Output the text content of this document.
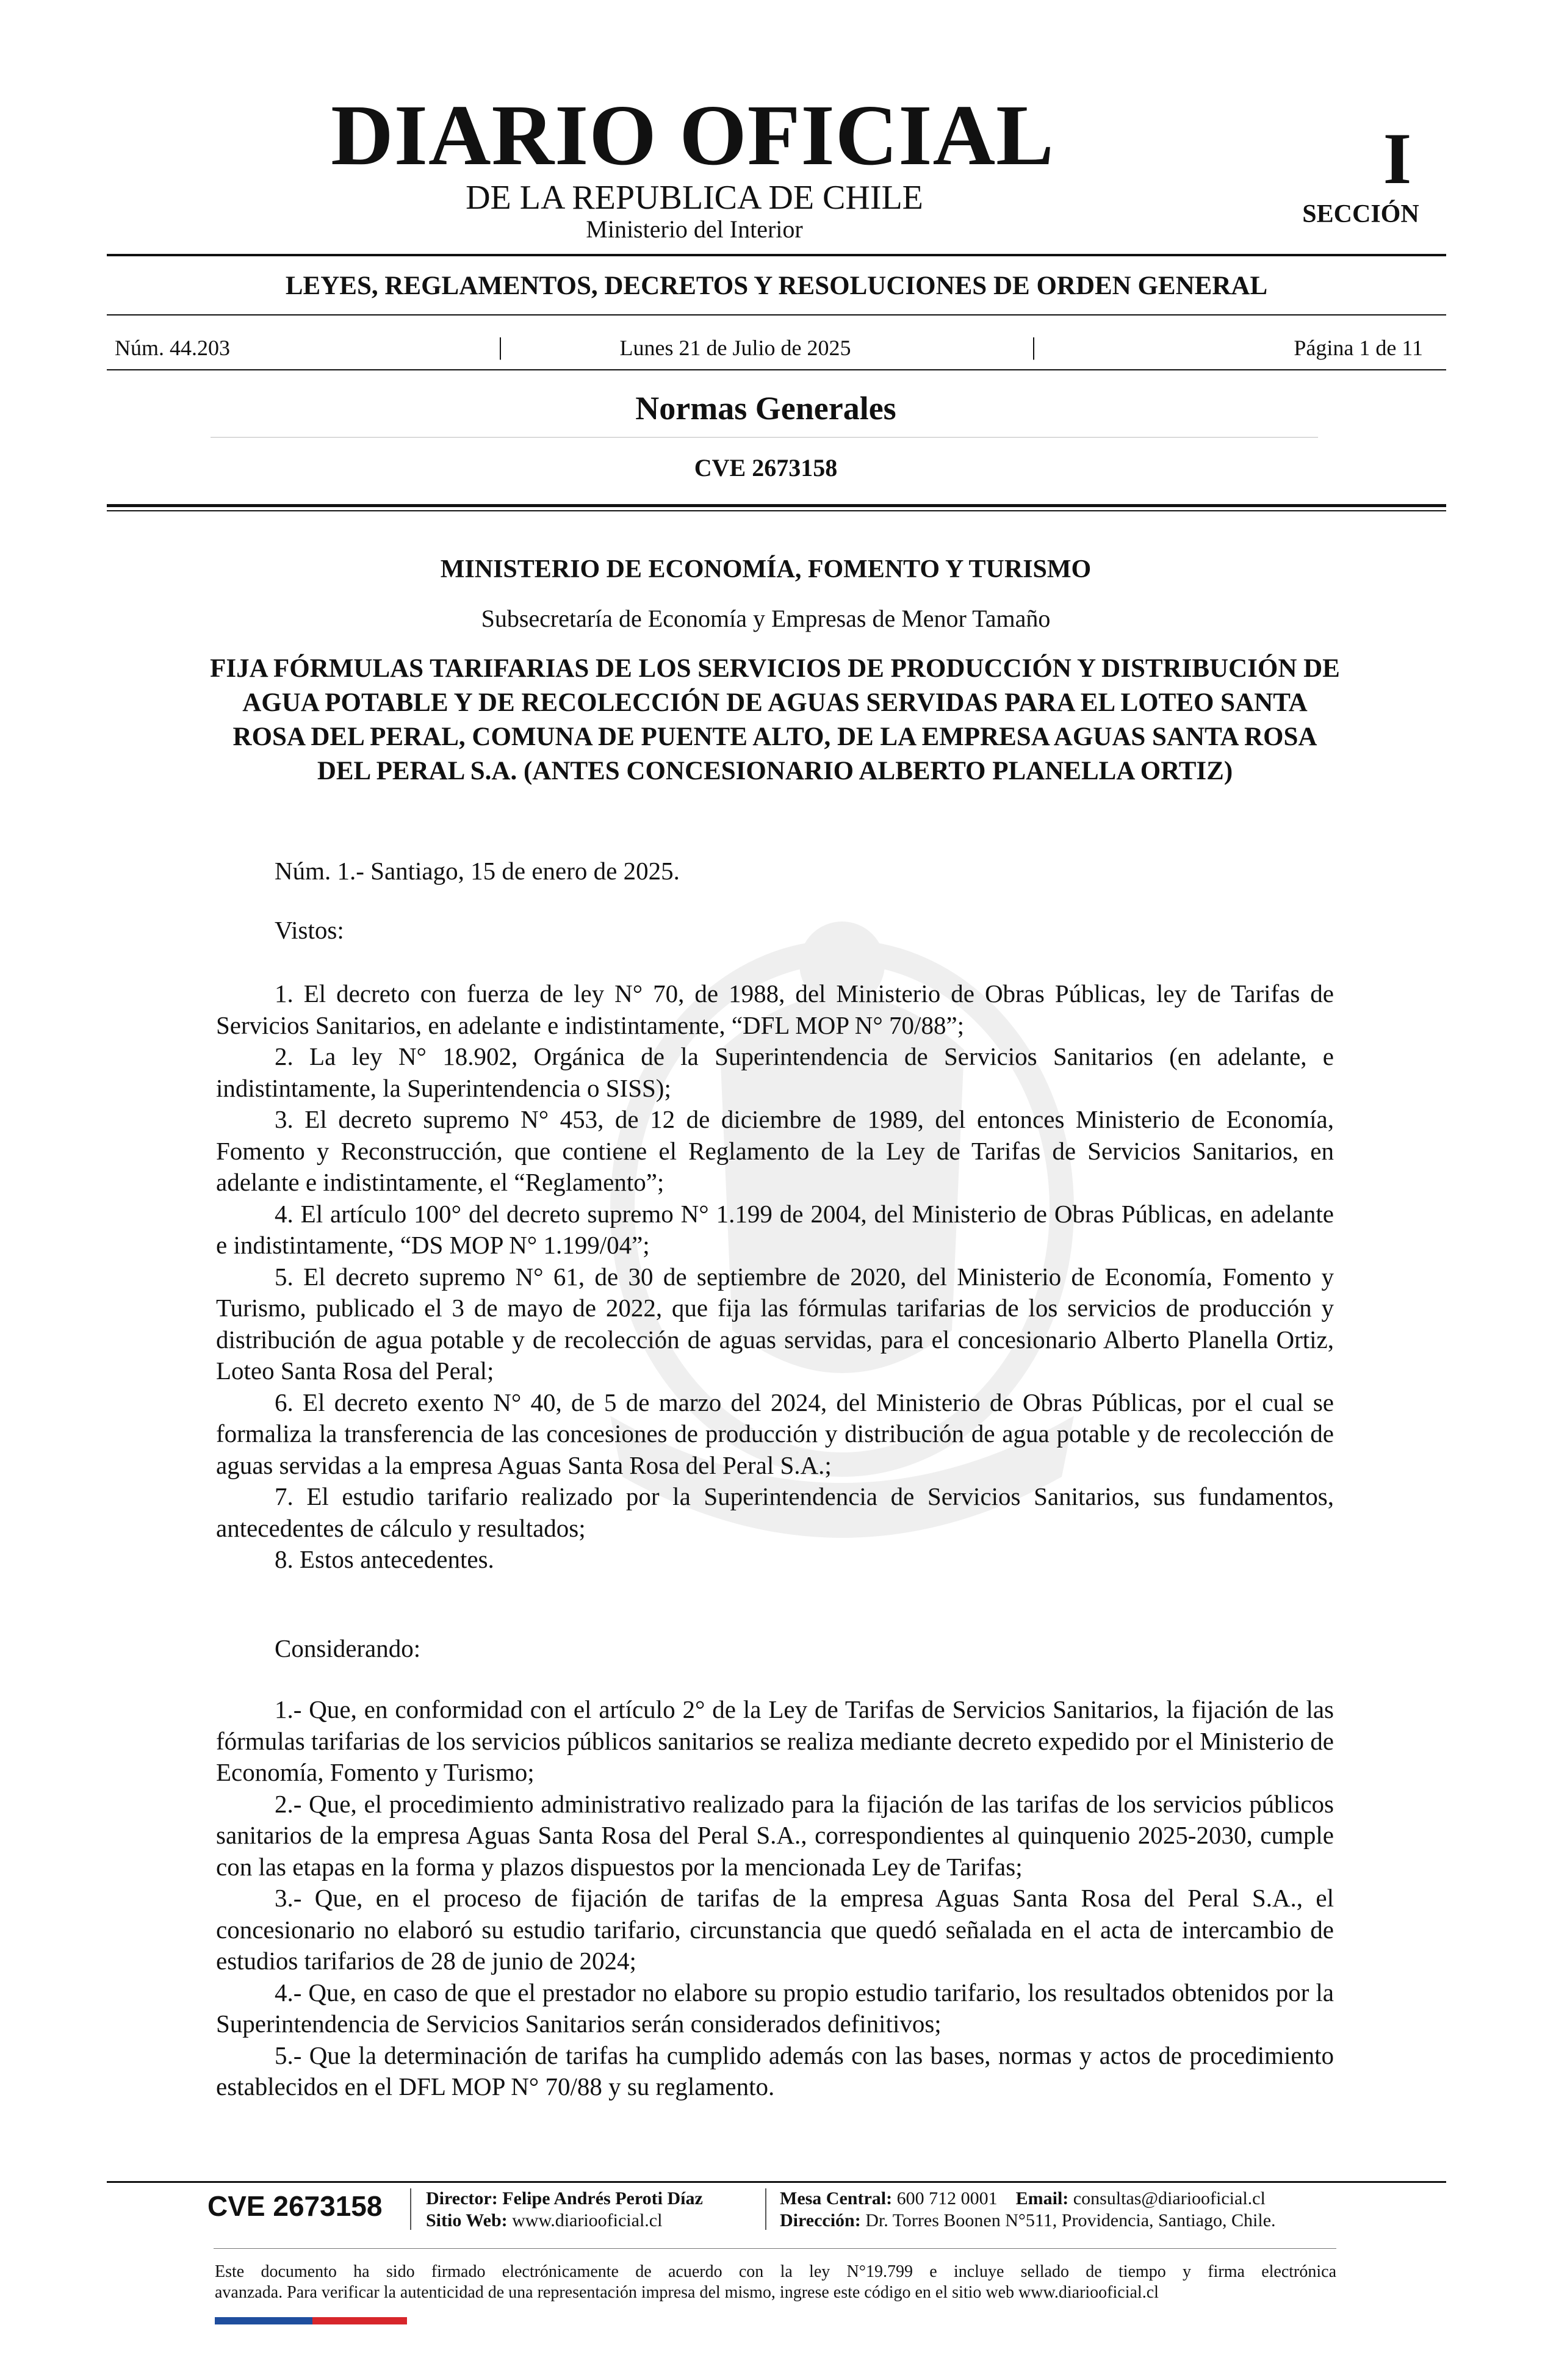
DIARIO OFICIAL
DE LA REPUBLICA DE CHILE
Ministerio del Interior
I
SECCIÓN
LEYES, REGLAMENTOS, DECRETOS Y RESOLUCIONES DE ORDEN GENERAL
Núm. 44.203	|	Lunes 21 de Julio de 2025	|	Página 1 de 11
Normas Generales
CVE 2673158
MINISTERIO DE ECONOMÍA, FOMENTO Y TURISMO
Subsecretaría de Economía y Empresas de Menor Tamaño
FIJA FÓRMULAS TARIFARIAS DE LOS SERVICIOS DE PRODUCCIÓN Y DISTRIBUCIÓN DE AGUA POTABLE Y DE RECOLECCIÓN DE AGUAS SERVIDAS PARA EL LOTEO SANTA ROSA DEL PERAL, COMUNA DE PUENTE ALTO, DE LA EMPRESA AGUAS SANTA ROSA DEL PERAL S.A. (ANTES CONCESIONARIO ALBERTO PLANELLA ORTIZ)
Núm. 1.- Santiago, 15 de enero de 2025.
Vistos:

1. El decreto con fuerza de ley N° 70, de 1988, del Ministerio de Obras Públicas, ley de Tarifas de Servicios Sanitarios, en adelante e indistintamente, “DFL MOP N° 70/88”;

2. La ley N° 18.902, Orgánica de la Superintendencia de Servicios Sanitarios (en adelante, e indistintamente, la Superintendencia o SISS);

3. El decreto supremo N° 453, de 12 de diciembre de 1989, del entonces Ministerio de Economía, Fomento y Reconstrucción, que contiene el Reglamento de la Ley de Tarifas de Servicios Sanitarios, en adelante e indistintamente, el “Reglamento”;

4. El artículo 100° del decreto supremo N° 1.199 de 2004, del Ministerio de Obras Públicas, en adelante e indistintamente, “DS MOP N° 1.199/04”;

5. El decreto supremo N° 61, de 30 de septiembre de 2020, del Ministerio de Economía, Fomento y Turismo, publicado el 3 de mayo de 2022, que fija las fórmulas tarifarias de los servicios de producción y distribución de agua potable y de recolección de aguas servidas, para el concesionario Alberto Planella Ortiz, Loteo Santa Rosa del Peral;

6. El decreto exento N° 40, de 5 de marzo del 2024, del Ministerio de Obras Públicas, por el cual se formaliza la transferencia de las concesiones de producción y distribución de agua potable y de recolección de aguas servidas a la empresa Aguas Santa Rosa del Peral S.A.;

7. El estudio tarifario realizado por la Superintendencia de Servicios Sanitarios, sus fundamentos, antecedentes de cálculo y resultados;

8. Estos antecedentes.

Considerando:

1.- Que, en conformidad con el artículo 2° de la Ley de Tarifas de Servicios Sanitarios, la fijación de las fórmulas tarifarias de los servicios públicos sanitarios se realiza mediante decreto expedido por el Ministerio de Economía, Fomento y Turismo;

2.- Que, el procedimiento administrativo realizado para la fijación de las tarifas de los servicios públicos sanitarios de la empresa Aguas Santa Rosa del Peral S.A., correspondientes al quinquenio 2025-2030, cumple con las etapas en la forma y plazos dispuestos por la mencionada Ley de Tarifas;

3.- Que, en el proceso de fijación de tarifas de la empresa Aguas Santa Rosa del Peral S.A., el concesionario no elaboró su estudio tarifario, circunstancia que quedó señalada en el acta de intercambio de estudios tarifarios de 28 de junio de 2024;

4.- Que, en caso de que el prestador no elabore su propio estudio tarifario, los resultados obtenidos por la Superintendencia de Servicios Sanitarios serán considerados definitivos;

5.- Que la determinación de tarifas ha cumplido además con las bases, normas y actos de procedimiento establecidos en el DFL MOP N° 70/88 y su reglamento.

CVE 2673158 Director: Felipe Andrés Peroti Díaz
Sitio Web: www.diariooficial.cl
Mesa Central: 600 712 0001 Email: consultas@diariooficial.cl
Dirección: Dr. Torres Boonen N°511, Providencia, Santiago, Chile.

Este documento ha sido firmado electrónicamente de acuerdo con la ley N°19.799 e incluye sellado de tiempo y firma electrónica

avanzada. Para verificar la autenticidad de una representación impresa del mismo, ingrese este código en el sitio web www.diariooficial.cl
